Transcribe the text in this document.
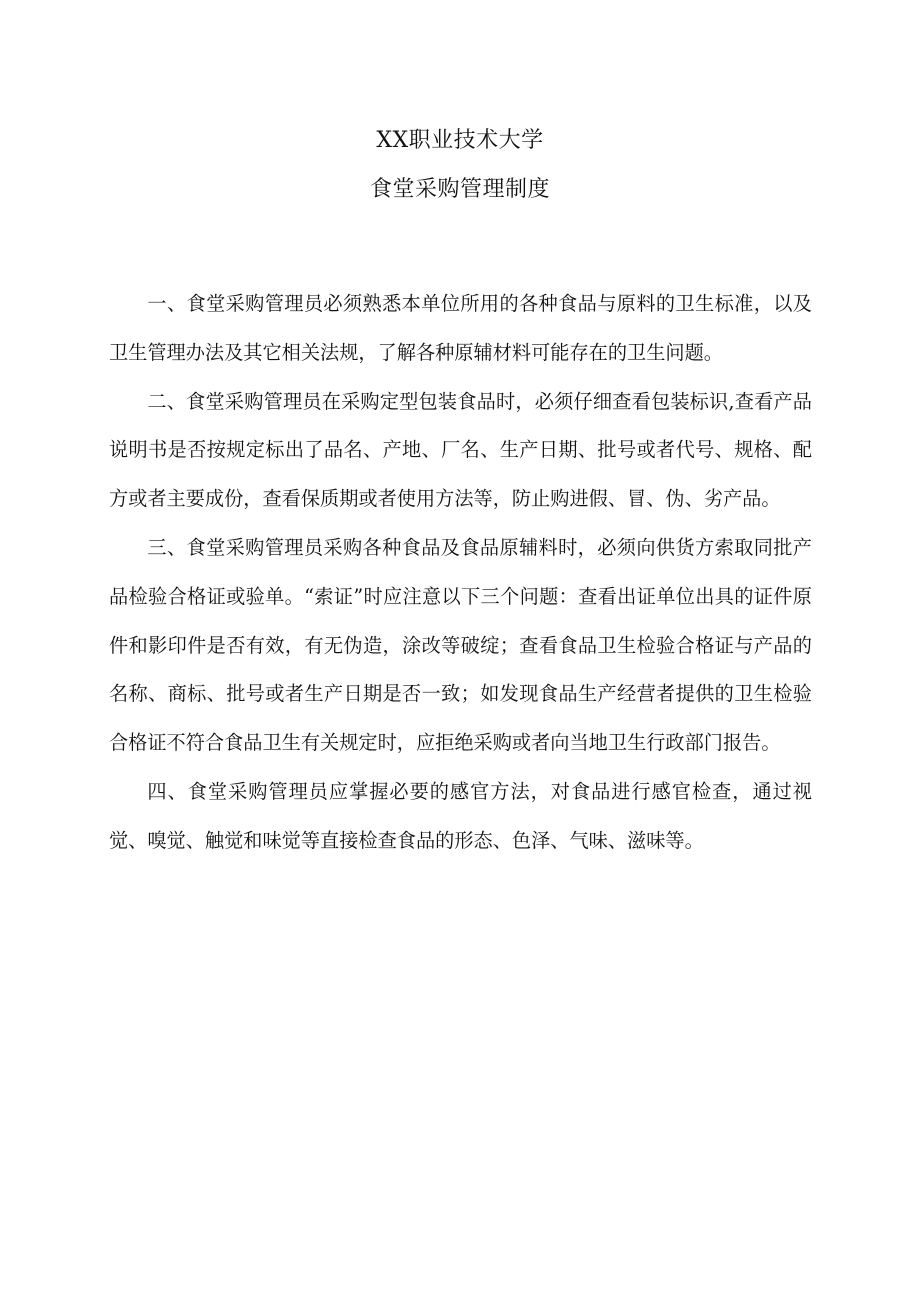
XX职业技术大学
食堂采购管理制度

一、食堂采购管理员必须熟悉本单位所用的各种食品与原料的卫生标准，以及卫生管理办法及其它相关法规，了解各种原辅材料可能存在的卫生问题。

二、食堂采购管理员在采购定型包装食品时，必须仔细查看包装标识,查看产品说明书是否按规定标出了品名、产地、厂名、生产日期、批号或者代号、规格、配方或者主要成份，查看保质期或者使用方法等，防止购进假、冒、伪、劣产品。

三、食堂采购管理员采购各种食品及食品原辅料时，必须向供货方索取同批产品检验合格证或验单。“索证”时应注意以下三个问题：查看出证单位出具的证件原件和影印件是否有效，有无伪造，涂改等破绽；查看食品卫生检验合格证与产品的名称、商标、批号或者生产日期是否一致；如发现食品生产经营者提供的卫生检验合格证不符合食品卫生有关规定时，应拒绝采购或者向当地卫生行政部门报告。

四、食堂采购管理员应掌握必要的感官方法，对食品进行感官检查，通过视觉、嗅觉、触觉和味觉等直接检查食品的形态、色泽、气味、滋味等。
